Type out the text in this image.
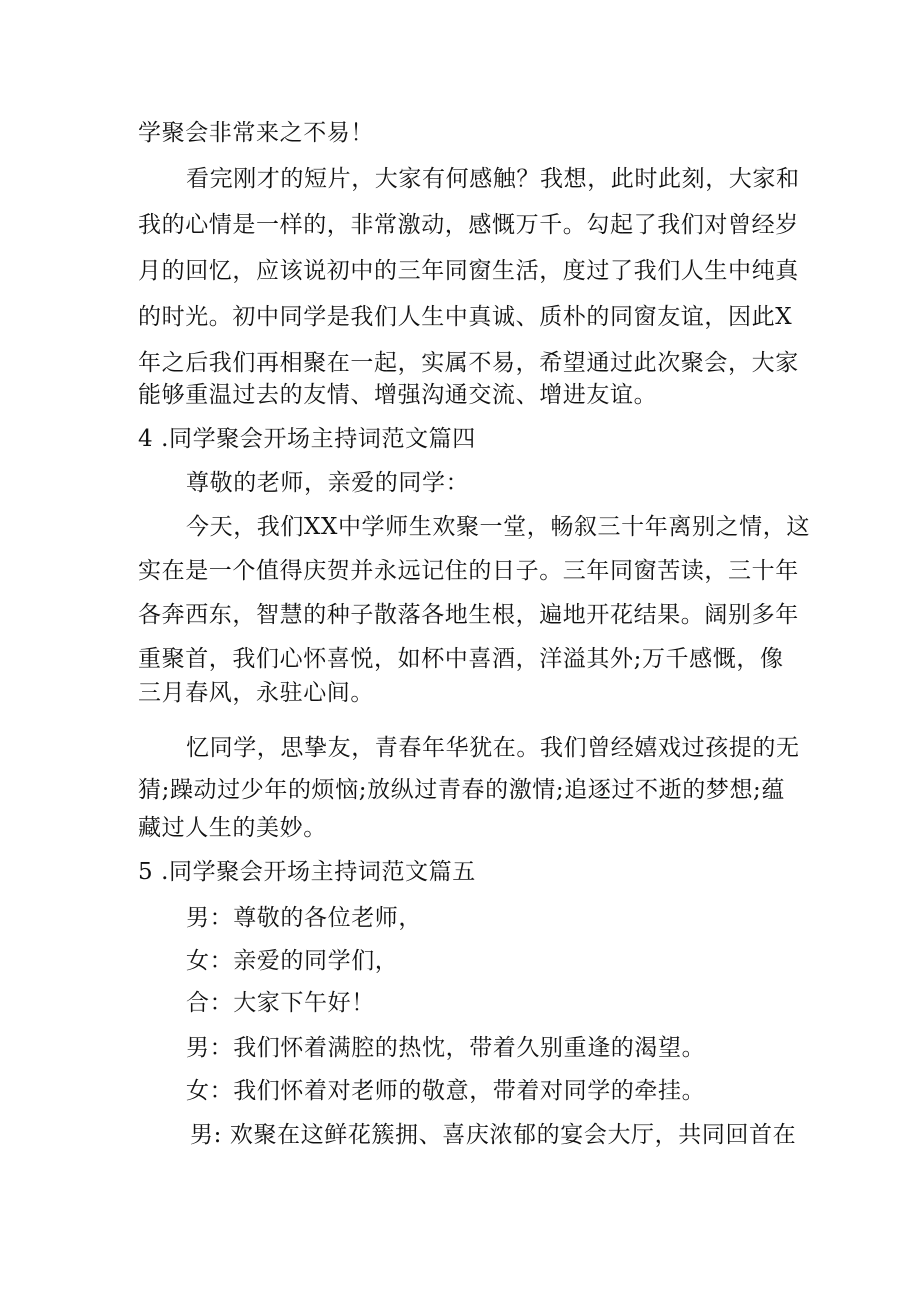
学聚会非常来之不易！
看完刚才的短片，大家有何感触？我想，此时此刻，大家和
我的心情是一样的，非常激动，感慨万千。勾起了我们对曾经岁
月的回忆，应该说初中的三年同窗生活，度过了我们人生中纯真
的时光。初中同学是我们人生中真诚、质朴的同窗友谊，因此X
年之后我们再相聚在一起，实属不易，希望通过此次聚会，大家
能够重温过去的友情、增强沟通交流、增进友谊。
4 .同学聚会开场主持词范文篇四
尊敬的老师，亲爱的同学：
今天，我们XX中学师生欢聚一堂，畅叙三十年离别之情，这
实在是一个值得庆贺并永远记住的日子。三年同窗苦读，三十年
各奔西东，智慧的种子散落各地生根，遍地开花结果。阔别多年
重聚首，我们心怀喜悦，如杯中喜酒，洋溢其外;万千感慨，像
三月春风，永驻心间。
忆同学，思挚友，青春年华犹在。我们曾经嬉戏过孩提的无
猜;躁动过少年的烦恼;放纵过青春的激情;追逐过不逝的梦想;蕴
藏过人生的美妙。
5 .同学聚会开场主持词范文篇五
男：尊敬的各位老师，
女：亲爱的同学们，
合：大家下午好！
男：我们怀着满腔的热忱，带着久别重逢的渴望。
女：我们怀着对老师的敬意，带着对同学的牵挂。
男: 欢聚在这鲜花簇拥、喜庆浓郁的宴会大厅，共同回首在
